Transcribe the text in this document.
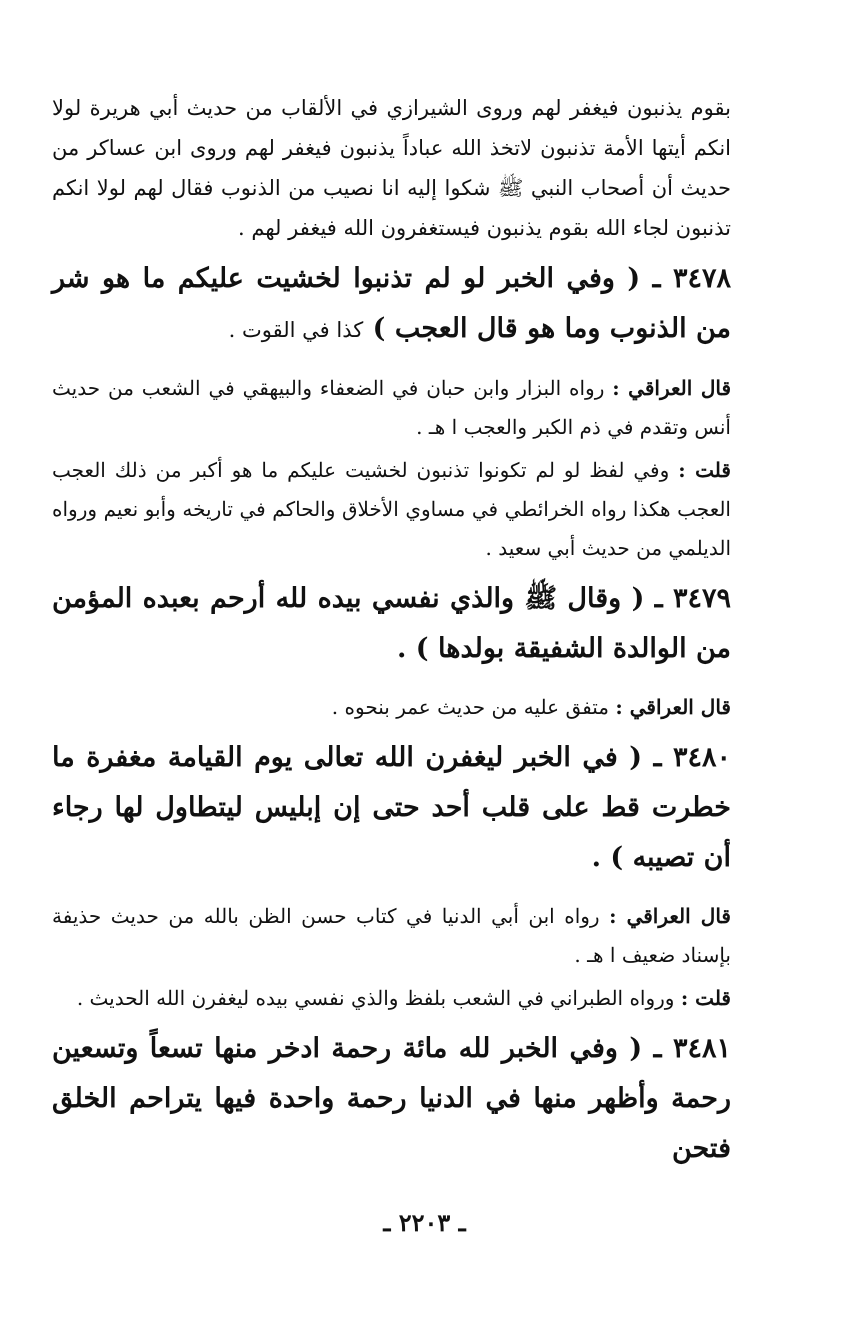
بقوم يذنبون فيغفر لهم وروى الشيرازي في الألقاب من حديث أبي هريرة لولا انكم أيتها الأمة تذنبون لاتخذ الله عباداً يذنبون فيغفر لهم وروى ابن عساكر من حديث أن أصحاب النبي ﷺ شكوا إليه انا نصيب من الذنوب فقال لهم لولا انكم تذنبون لجاء الله بقوم يذنبون فيستغفرون الله فيغفر لهم .

٣٤٧٨ ـ ( وفي الخبر لو لم تذنبوا لخشيت عليكم ما هو شر من الذنوب وما هو قال العجب ) كذا في القوت .

قال العراقي : رواه البزار وابن حبان في الضعفاء والبيهقي في الشعب من حديث أنس وتقدم في ذم الكبر والعجب ا هـ .

قلت : وفي لفظ لو لم تكونوا تذنبون لخشيت عليكم ما هو أكبر من ذلك العجب العجب هكذا رواه الخرائطي في مساوي الأخلاق والحاكم في تاريخه وأبو نعيم ورواه الديلمي من حديث أبي سعيد .

٣٤٧٩ ـ ( وقال ﷺ والذي نفسي بيده لله أرحم بعبده المؤمن من الوالدة الشفيقة بولدها ) .

قال العراقي : متفق عليه من حديث عمر بنحوه .

٣٤٨٠ ـ ( في الخبر ليغفرن الله تعالى يوم القيامة مغفرة ما خطرت قط على قلب أحد حتى إن إبليس ليتطاول لها رجاء أن تصيبه ) .

قال العراقي : رواه ابن أبي الدنيا في كتاب حسن الظن بالله من حديث حذيفة بإسناد ضعيف ا هـ .

قلت : ورواه الطبراني في الشعب بلفظ والذي نفسي بيده ليغفرن الله الحديث .

٣٤٨١ ـ ( وفي الخبر لله مائة رحمة ادخر منها تسعاً وتسعين رحمة وأظهر منها في الدنيا رحمة واحدة فيها يتراحم الخلق فتحن

ـ ٢٢٠٣ ـ
